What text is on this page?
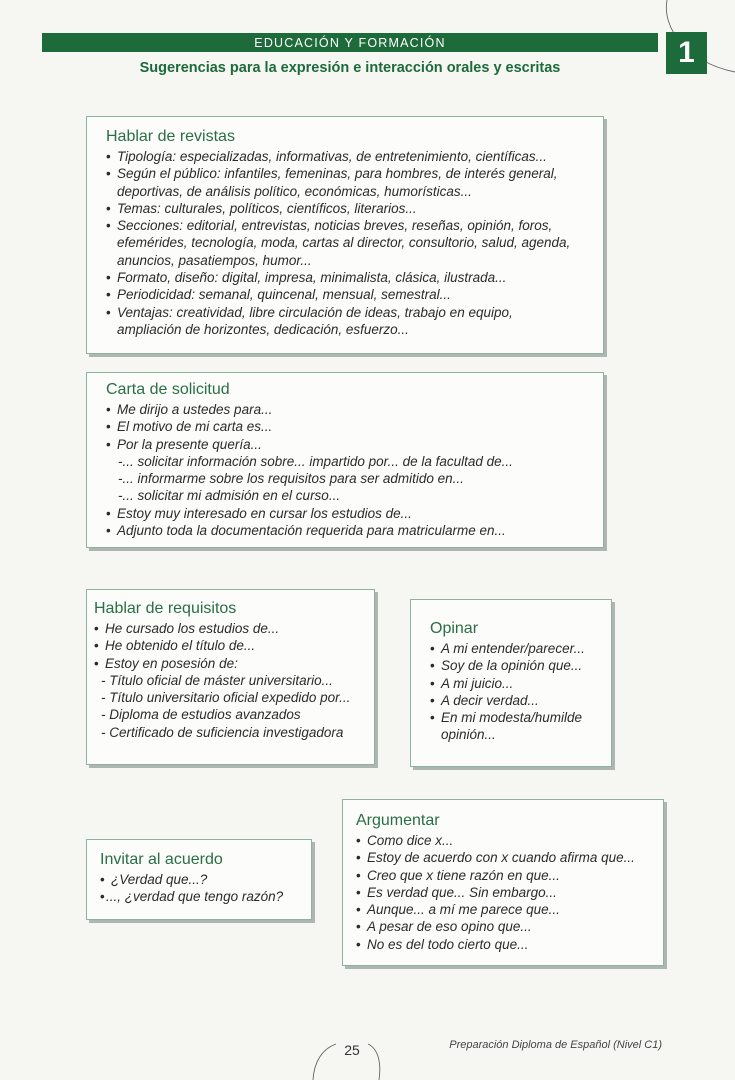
EDUCACIÓN Y FORMACIÓN
Sugerencias para la expresión e interacción orales y escritas	1
Hablar de revistas
• Tipología: especializadas, informativas, de entretenimiento, científicas...
• Según el público: infantiles, femeninas, para hombres, de interés general,
deportivas, de análisis político, económicas, humorísticas...
• Temas: culturales, políticos, científicos, literarios...
• Secciones: editorial, entrevistas, noticias breves, reseñas, opinión, foros,
efemérides, tecnología, moda, cartas al director, consultorio, salud, agenda,
anuncios, pasatiempos, humor...
• Formato, diseño: digital, impresa, minimalista, clásica, ilustrada...
• Periodicidad: semanal, quincenal, mensual, semestral...
• Ventajas: creatividad, libre circulación de ideas, trabajo en equipo,
ampliación de horizontes, dedicación, esfuerzo...
Carta de solicitud
• Me dirijo a ustedes para...
• El motivo de mi carta es...
• Por la presente quería...
-... solicitar información sobre... impartido por... de la facultad de...
-... informarme sobre los requisitos para ser admitido en...
-... solicitar mi admisión en el curso...
• Estoy muy interesado en cursar los estudios de...
• Adjunto toda la documentación requerida para matricularme en...
Hablar de requisitos
• He cursado los estudios de...
• He obtenido el título de...
• Estoy en posesión de:
- Título oficial de máster universitario...
- Título universitario oficial expedido por...
- Diploma de estudios avanzados
- Certificado de suficiencia investigadora
Opinar
• A mi entender/parecer...
• Soy de la opinión que...
• A mi juicio...
• A decir verdad...
• En mi modesta/humilde
opinión...
Argumentar
• Como dice x...
• Estoy de acuerdo con x cuando afirma que...
• Creo que x tiene razón en que...
• Es verdad que... Sin embargo...
• Aunque... a mí me parece que...
• A pesar de eso opino que...
• No es del todo cierto que...
Invitar al acuerdo
• ¿Verdad que...?
• ..., ¿verdad que tengo razón?
25	Preparación Diploma de Español (Nivel C1)
